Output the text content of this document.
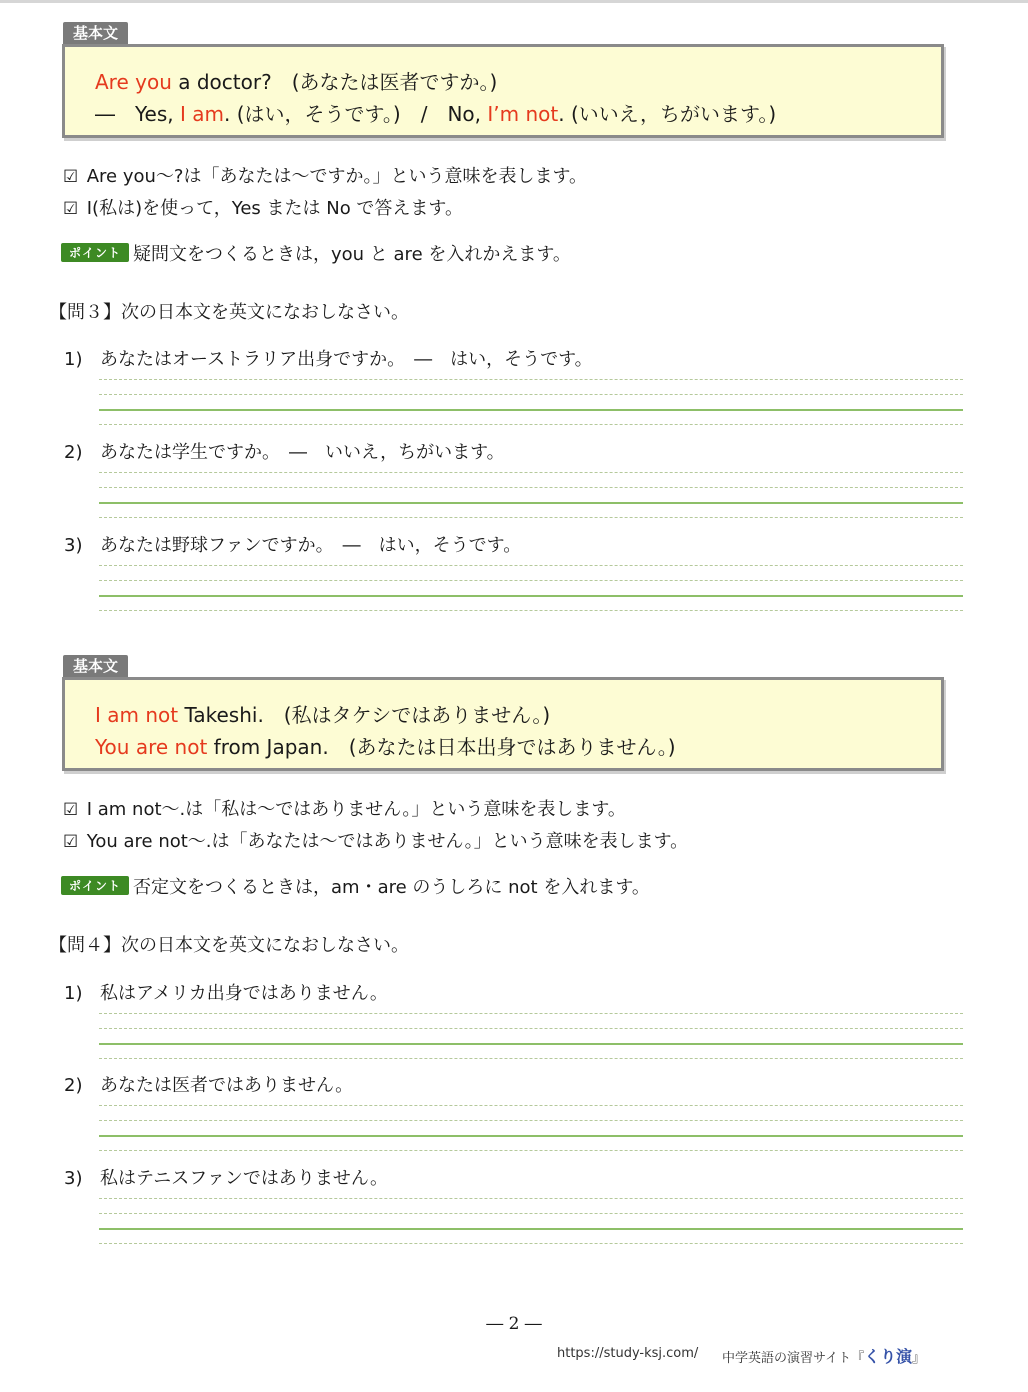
基本文
Are you a doctor?　(あなたは医者ですか。)
―　Yes, I am. (はい，そうです。)　/　No, I’m not. (いいえ，ちがいます。)
☑ Are you～?は「あなたは～ですか。」という意味を表します。
☑ I(私は)を使って，Yes または No で答えます。
ポイント 疑問文をつくるときは，you と are を入れかえます。
【問３】次の日本文を英文になおしなさい。
1) あなたはオーストラリア出身ですか。　―　はい，そうです。
2) あなたは学生ですか。　―　いいえ，ちがいます。
3) あなたは野球ファンですか。　―　はい，そうです。
基本文
I am not Takeshi.　(私はタケシではありません。)
You are not from Japan.　(あなたは日本出身ではありません。)
☑ I am not～.は「私は～ではありません。」という意味を表します。
☑ You are not～.は「あなたは～ではありません。」という意味を表します。
ポイント 否定文をつくるときは，am・are のうしろに not を入れます。
【問４】次の日本文を英文になおしなさい。
1) 私はアメリカ出身ではありません。
2) あなたは医者ではありません。
3) 私はテニスファンではありません。
― 2 ―
https://study-ksj.com/ 中学英語の演習サイト『くり演』
